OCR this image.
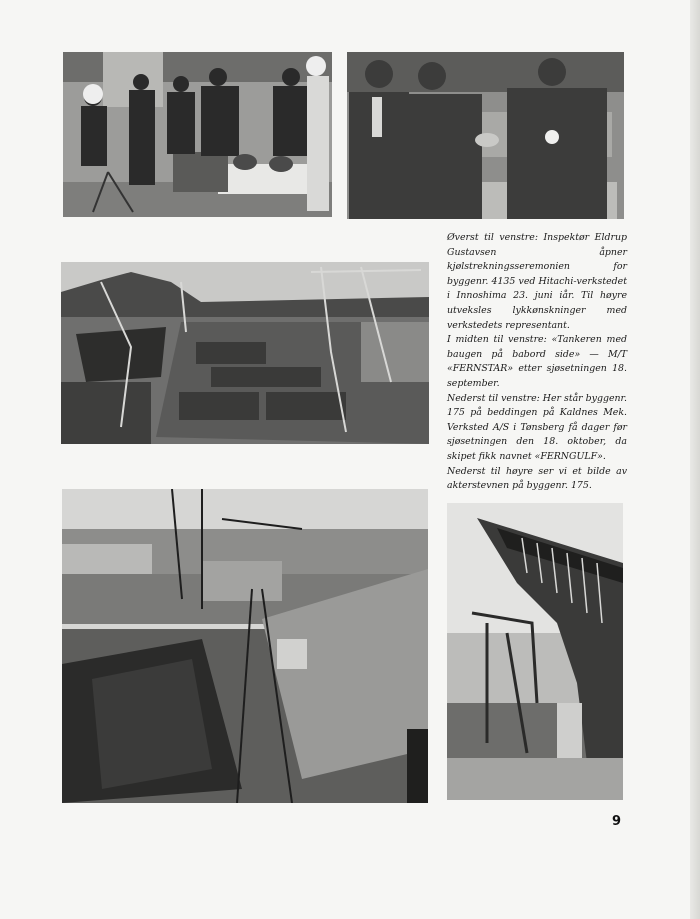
Øverst til venstre: Inspektør Eldrup Gustavsen åpner kjølstrekningsseremonien for byggenr. 4135 ved Hitachi-verkstedet i Innoshima 23. juni iår. Til høyre utveksles lykkønskninger med verkstedets representant.

I midten til venstre: «Tankeren med baugen på babord side» — M/T «FERNSTAR» etter sjøsetningen 18. september.

Nederst til venstre: Her står byggenr. 175 på beddingen på Kaldnes Mek. Verksted A/S i Tønsberg få dager før sjøsetningen den 18. oktober, da skipet fikk navnet «FERNGULF».

Nederst til høyre ser vi et bilde av akterstevnen på byggenr. 175.

9
